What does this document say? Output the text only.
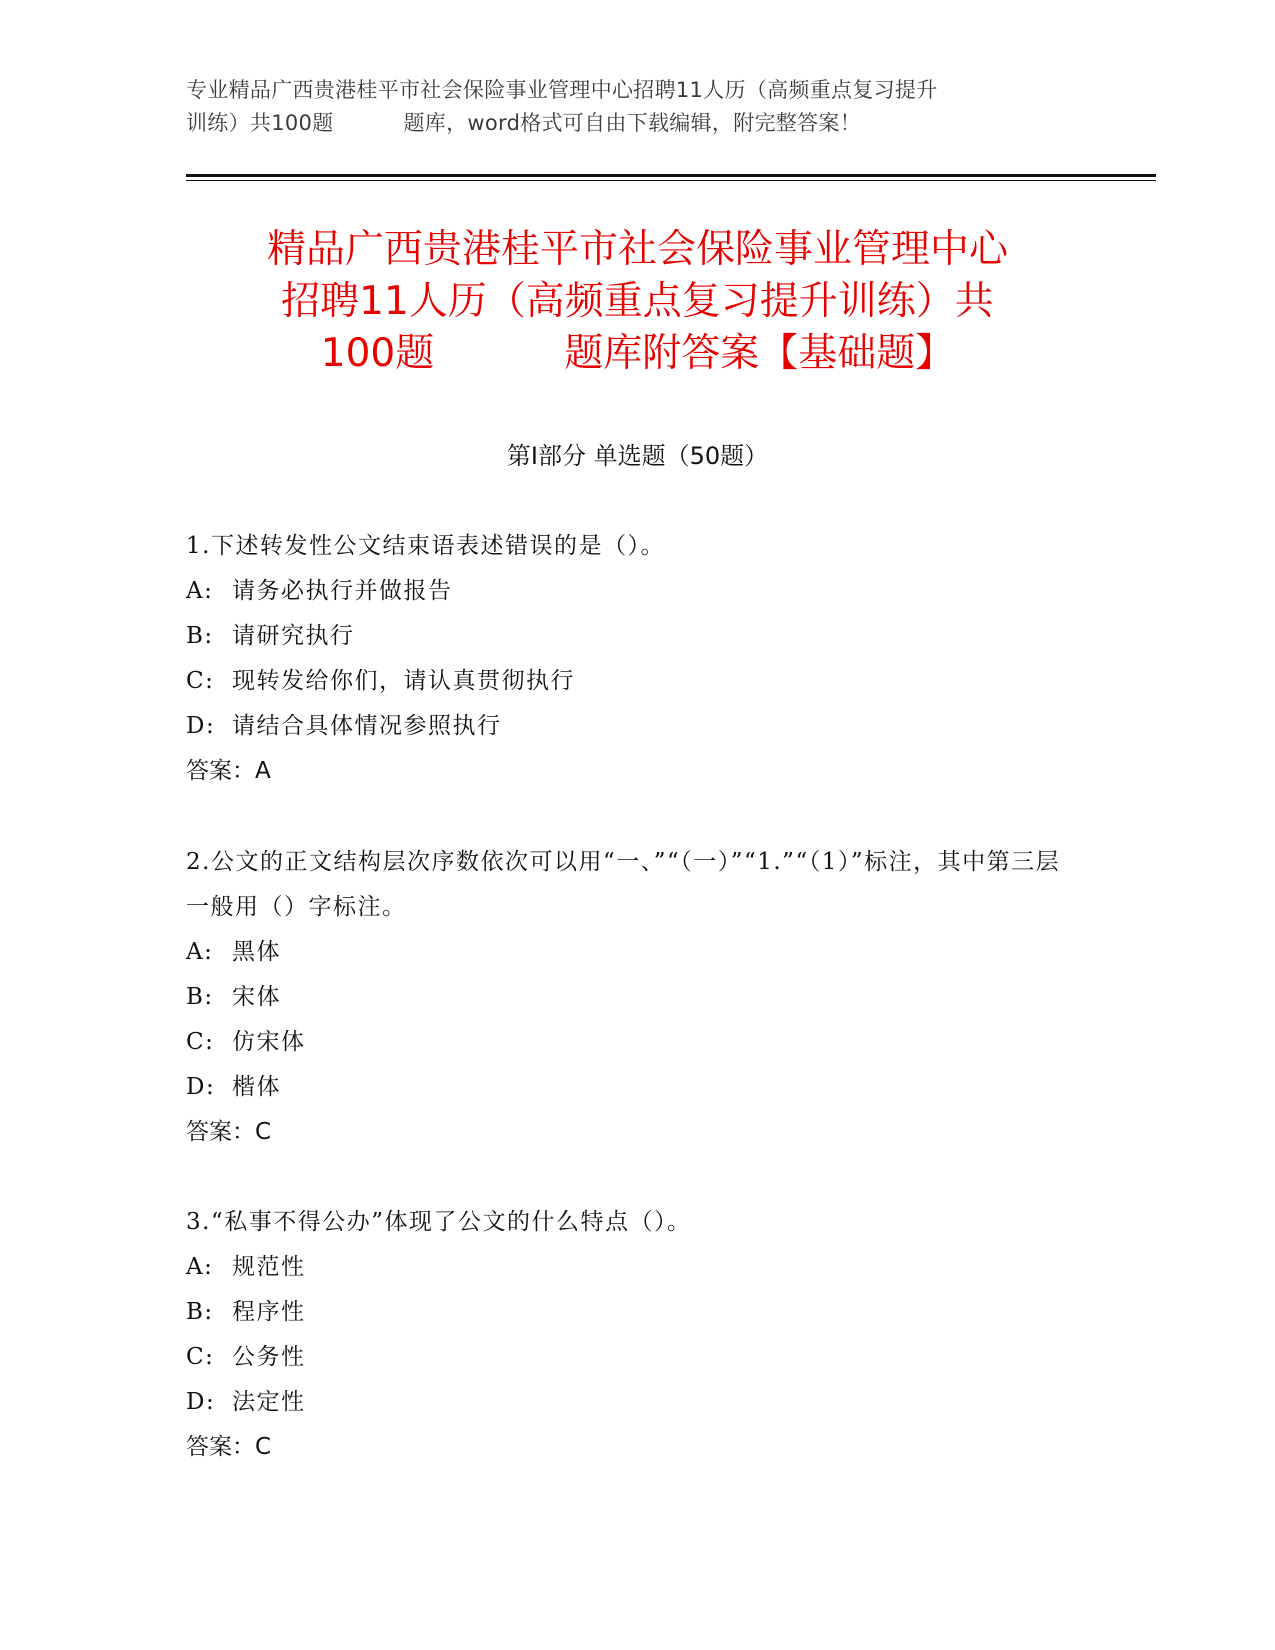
专业精品广西贵港桂平市社会保险事业管理中心招聘11人历（高频重点复习提升
训练）共100题	题库，word格式可自由下载编辑，附完整答案！
精品广西贵港桂平市社会保险事业管理中心
招聘11人历（高频重点复习提升训练）共
100题	题库附答案【基础题】
第Ⅰ部分 单选题（50题）
1.下述转发性公文结束语表述错误的是（）。
A: 请务必执行并做报告
B: 请研究执行
C: 现转发给你们，请认真贯彻执行
D: 请结合具体情况参照执行
答案：A
2.公文的正文结构层次序数依次可以用“一、”“（一）”“1.”“（1）”标注，其中第三层一般用（）字标注。
A: 黑体
B: 宋体
C: 仿宋体
D: 楷体
答案：C
3.“私事不得公办”体现了公文的什么特点（）。
A: 规范性
B: 程序性
C: 公务性
D: 法定性
答案：C
